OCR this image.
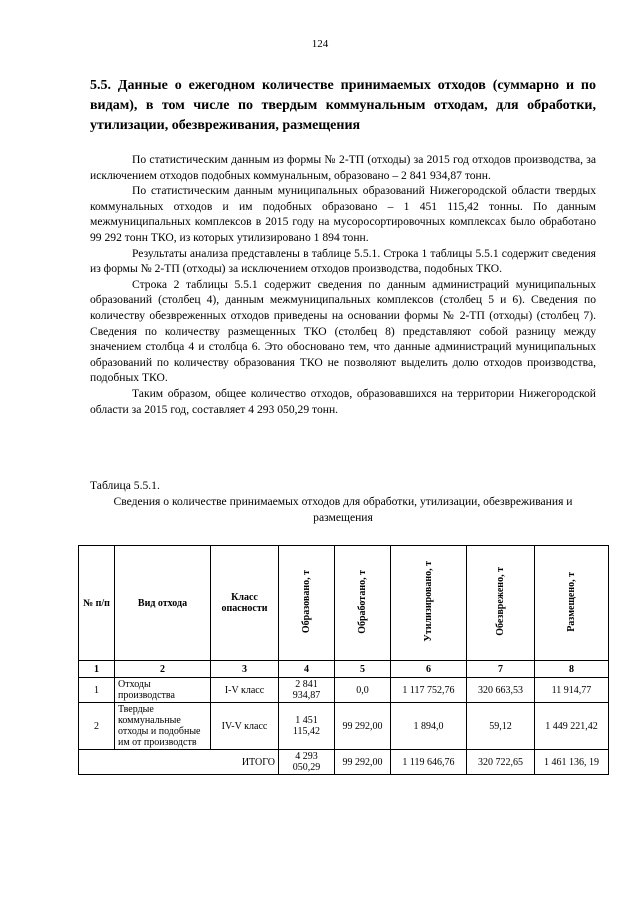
124
5.5. Данные о ежегодном количестве принимаемых отходов (суммарно и по видам), в том числе по твердым коммунальным отходам, для обработки, утилизации, обезвреживания, размещения

По статистическим данным из формы № 2-ТП (отходы) за 2015 год отходов производства, за исключением отходов подобных коммунальным, образовано – 2 841 934,87 тонн.

По статистическим данным муниципальных образований Нижегородской области твердых коммунальных отходов и им подобных образовано – 1 451 115,42 тонны. По данным межмуниципальных комплексов в 2015 году на мусоросортировочных комплексах было обработано 99 292 тонн ТКО, из которых утилизировано 1 894 тонн.

Результаты анализа представлены в таблице 5.5.1. Строка 1 таблицы 5.5.1 содержит сведения из формы № 2-ТП (отходы) за исключением отходов производства, подобных ТКО.

Строка 2 таблицы 5.5.1 содержит сведения по данным администраций муниципальных образований (столбец 4), данным межмуниципальных комплексов (столбец 5 и 6). Сведения по количеству обезвреженных отходов приведены на основании формы № 2-ТП (отходы) (столбец 7). Сведения по количеству размещенных ТКО (столбец 8) представляют собой разницу между значением столбца 4 и столбца 6. Это обосновано тем, что данные администраций муниципальных образований по количеству образования ТКО не позволяют выделить долю отходов производства, подобных ТКО.

Таким образом, общее количество отходов, образовавшихся на территории Нижегородской области за 2015 год, составляет 4 293 050,29 тонн.

Таблица 5.5.1.
Сведения о количестве принимаемых отходов для обработки, утилизации, обезвреживания и размещения
№ п/п	Вид отхода	Класс опасности	Образовано, т	Обработано, т	Утилизировано, т	Обезврежено, т	Размещено, т
1	2	3	4	5	6	7	8
1	Отходы производства	I-V класс	2 841 934,87	0,0	1 117 752,76	320 663,53	11 914,77
2	Твердые коммунальные отходы и подобные им от производств	IV-V класс	1 451 115,42	99 292,00	1 894,0	59,12	1 449 221,42
ИТОГО			4 293 050,29	99 292,00	1 119 646,76	320 722,65	1 461 136, 19
